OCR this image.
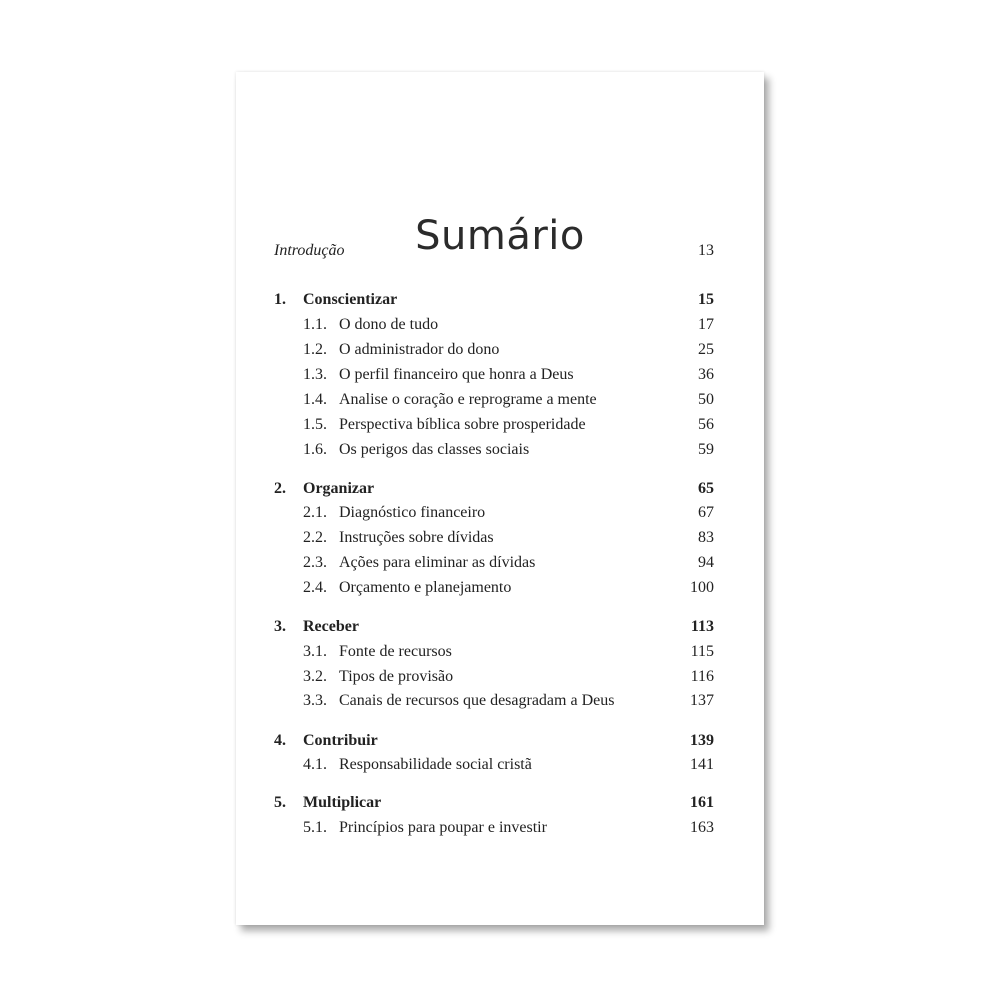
Sumário
Introdução	13
1. Conscientizar	15
1.1. O dono de tudo	17
1.2. O administrador do dono	25
1.3. O perfil financeiro que honra a Deus	36
1.4. Analise o coração e reprograme a mente	50
1.5. Perspectiva bíblica sobre prosperidade	56
1.6. Os perigos das classes sociais	59
2. Organizar	65
2.1. Diagnóstico financeiro	67
2.2. Instruções sobre dívidas	83
2.3. Ações para eliminar as dívidas	94
2.4. Orçamento e planejamento	100
3. Receber	113
3.1. Fonte de recursos	115
3.2. Tipos de provisão	116
3.3. Canais de recursos que desagradam a Deus	137
4. Contribuir	139
4.1. Responsabilidade social cristã	141
5. Multiplicar	161
5.1. Princípios para poupar e investir	163
